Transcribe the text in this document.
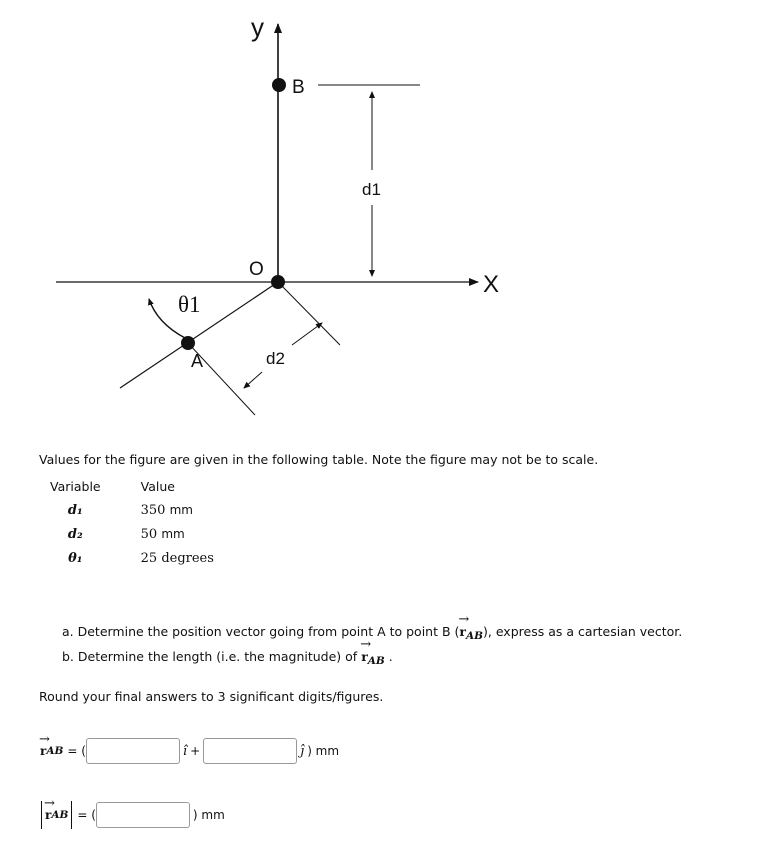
y
X
O
B
A
d1
d2
θ1
Values for the figure are given in the following table. Note the figure may not be to scale.
Variable	Value
d₁	350 mm
d₂	50 mm
θ₁	25 degrees
a. Determine the position vector going from point A to point B (→ $r_{AB}$), express as a cartesian vector.
b. Determine the length (i.e. the magnitude) of → $r_{AB}$ .
Round your final answers to 3 significant digits/figures.
→ r AB = (	î +	ĵ ) mm
→ r AB = (	) mm
